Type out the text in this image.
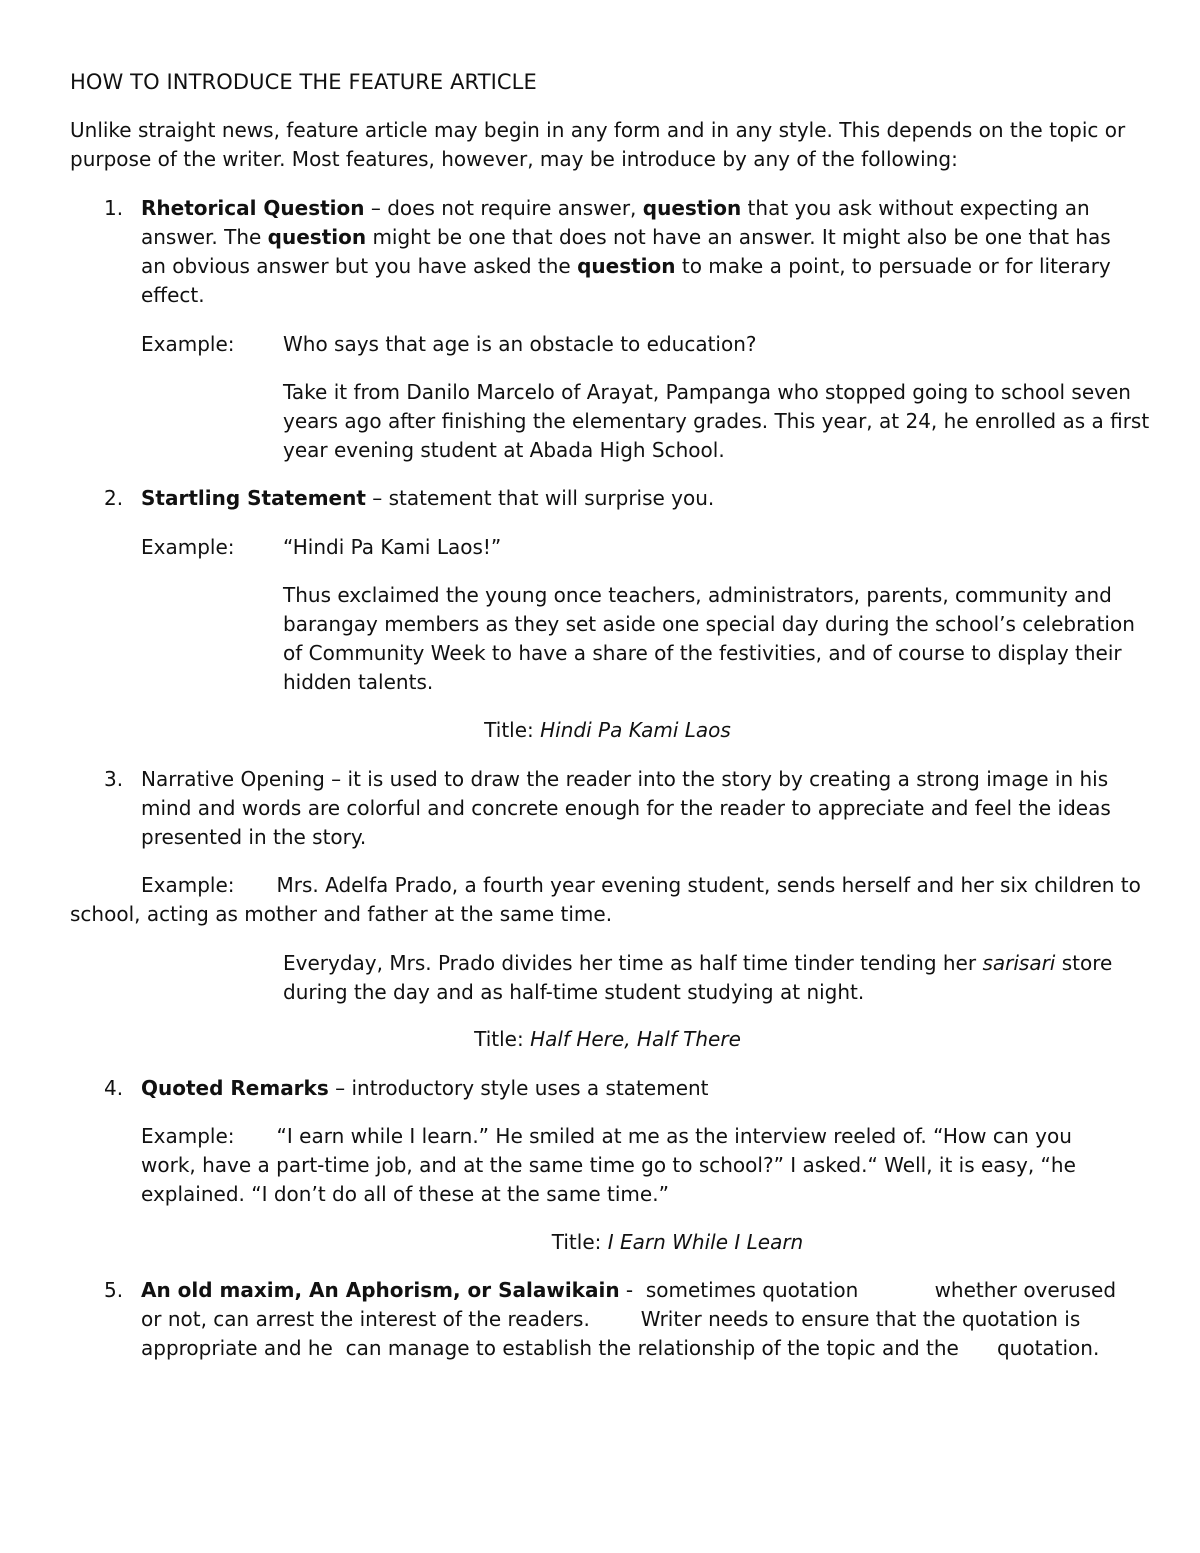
HOW TO INTRODUCE THE FEATURE ARTICLE

Unlike straight news, feature article may begin in any form and in any style. This depends on the topic or purpose of the writer. Most features, however, may be introduce by any of the following:

1. Rhetorical Question – does not require answer, question that you ask without expecting an answer. The question might be one that does not have an answer. It might also be one that has an obvious answer but you have asked the question to make a point, to persuade or for literary effect.

Example: Who says that age is an obstacle to education?

Take it from Danilo Marcelo of Arayat, Pampanga who stopped going to school seven years ago after finishing the elementary grades. This year, at 24, he enrolled as a first year evening student at Abada High School.

2. Startling Statement – statement that will surprise you.

Example: “Hindi Pa Kami Laos!”

Thus exclaimed the young once teachers, administrators, parents, community and barangay members as they set aside one special day during the school’s celebration of Community Week to have a share of the festivities, and of course to display their hidden talents.

Title: Hindi Pa Kami Laos
3. Narrative Opening – it is used to draw the reader into the story by creating a strong image in his mind and words are colorful and concrete enough for the reader to appreciate and feel the ideas presented in the story.

Example: Mrs. Adelfa Prado, a fourth year evening student, sends herself and her six children to school, acting as mother and father at the same time.

Everyday, Mrs. Prado divides her time as half time tinder tending her sarisari store during the day and as half-time student studying at night.

Title: Half Here, Half There
4. Quoted Remarks – introductory style uses a statement

Example: “I earn while I learn.” He smiled at me as the interview reeled of. “How can you work, have a part-time job, and at the same time go to school?” I asked.“ Well, it is easy, “he explained. “I don’t do all of these at the same time.”

Title: I Earn While I Learn
5. An old maxim, An Aphorism, or Salawikain -  sometimes quotation            whether overused or not, can arrest the interest of the readers.        Writer needs to ensure that the quotation is appropriate and he  can manage to establish the relationship of the topic and the      quotation.
